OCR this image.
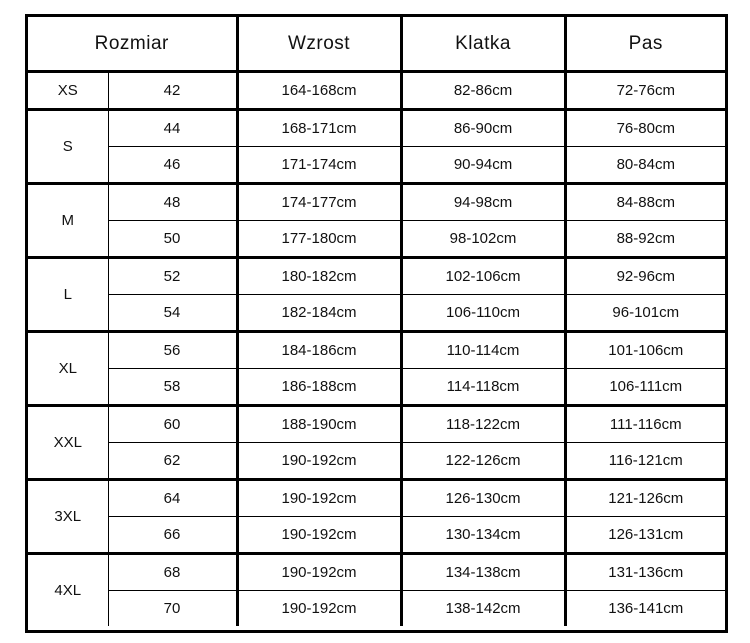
Rozmiar		Wzrost	Klatka	Pas
XS	42	164-168cm	82-86cm	72-76cm
S	44	168-171cm	86-90cm	76-80cm
	46	171-174cm	90-94cm	80-84cm
M	48	174-177cm	94-98cm	84-88cm
	50	177-180cm	98-102cm	88-92cm
L	52	180-182cm	102-106cm	92-96cm
	54	182-184cm	106-110cm	96-101cm
XL	56	184-186cm	110-114cm	101-106cm
	58	186-188cm	114-118cm	106-111cm
XXL	60	188-190cm	118-122cm	111-116cm
	62	190-192cm	122-126cm	116-121cm
3XL	64	190-192cm	126-130cm	121-126cm
	66	190-192cm	130-134cm	126-131cm
4XL	68	190-192cm	134-138cm	131-136cm
	70	190-192cm	138-142cm	136-141cm
